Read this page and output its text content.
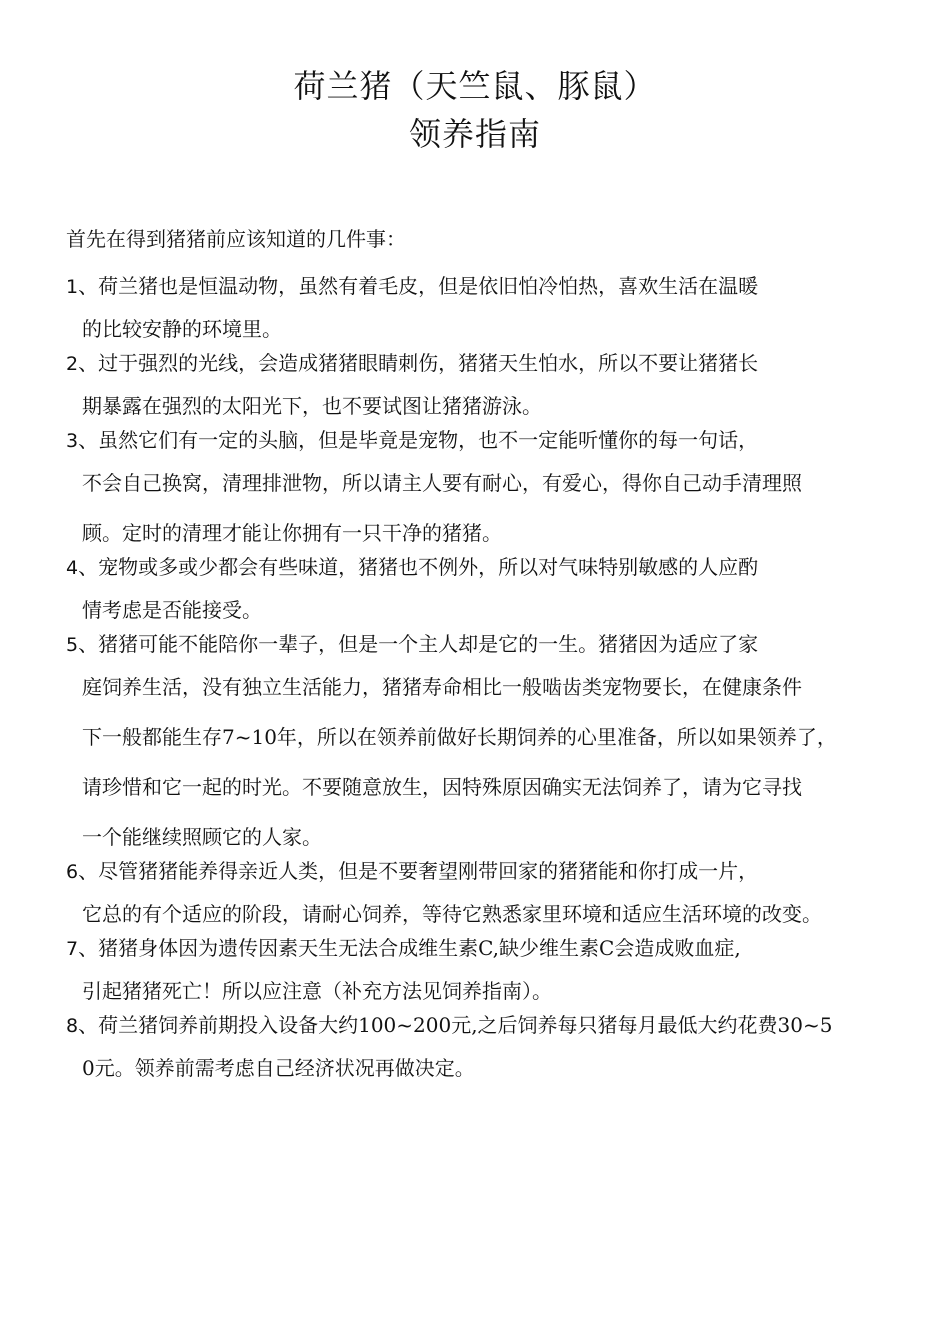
荷兰猪（天竺鼠、豚鼠）
领养指南
首先在得到猪猪前应该知道的几件事：
1、荷兰猪也是恒温动物，虽然有着毛皮，但是依旧怕冷怕热，喜欢生活在温暖
的比较安静的环境里。
2、过于强烈的光线，会造成猪猪眼睛刺伤，猪猪天生怕水，所以不要让猪猪长
期暴露在强烈的太阳光下，也不要试图让猪猪游泳。
3、虽然它们有一定的头脑，但是毕竟是宠物，也不一定能听懂你的每一句话，
不会自己换窝，清理排泄物，所以请主人要有耐心，有爱心，得你自己动手清理照
顾。定时的清理才能让你拥有一只干净的猪猪。
4、宠物或多或少都会有些味道，猪猪也不例外，所以对气味特别敏感的人应酌
情考虑是否能接受。
5、猪猪可能不能陪你一辈子，但是一个主人却是它的一生。猪猪因为适应了家
庭饲养生活，没有独立生活能力，猪猪寿命相比一般啮齿类宠物要长，在健康条件
下一般都能生存7~10年，所以在领养前做好长期饲养的心里准备，所以如果领养了，
请珍惜和它一起的时光。不要随意放生，因特殊原因确实无法饲养了，请为它寻找
一个能继续照顾它的人家。
6、尽管猪猪能养得亲近人类，但是不要奢望刚带回家的猪猪能和你打成一片，
它总的有个适应的阶段，请耐心饲养，等待它熟悉家里环境和适应生活环境的改变。
7、猪猪身体因为遗传因素天生无法合成维生素C,缺少维生素C会造成败血症,
引起猪猪死亡！所以应注意（补充方法见饲养指南）。
8、荷兰猪饲养前期投入设备大约100~200元,之后饲养每只猪每月最低大约花费30~5
0元。领养前需考虑自己经济状况再做决定。
